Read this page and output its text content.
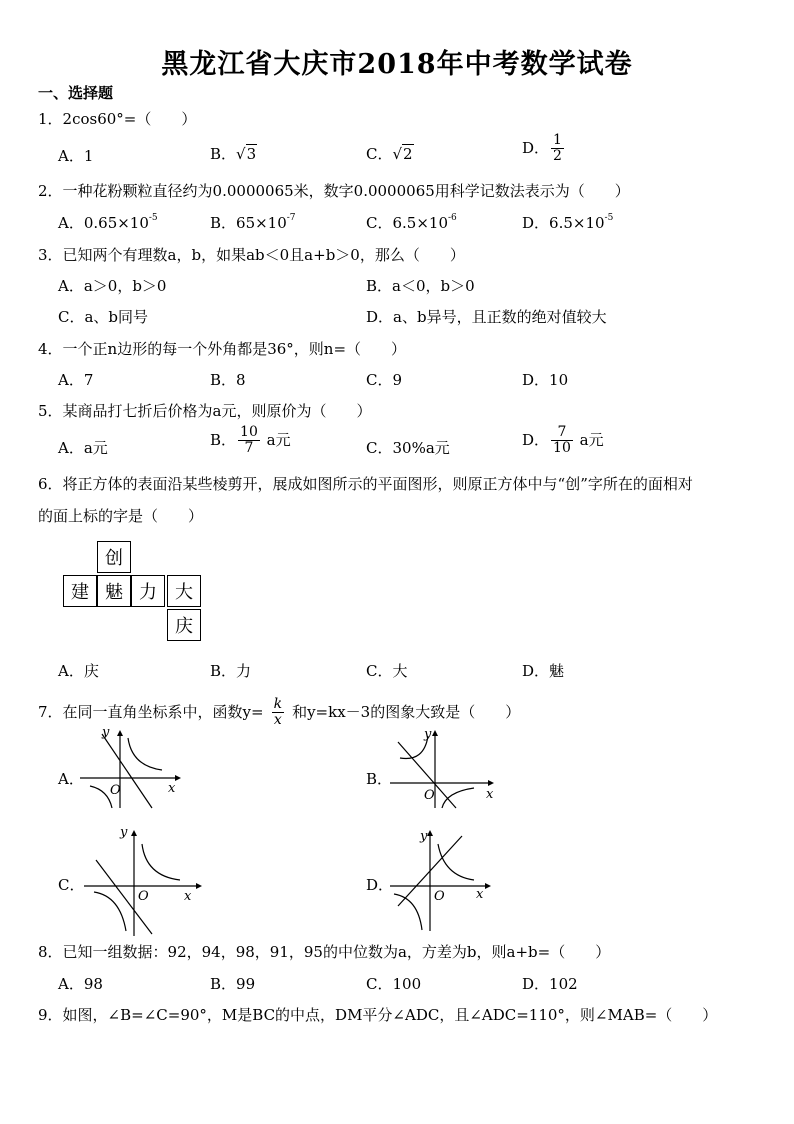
黑龙江省大庆市2018年中考数学试卷
一、选择题
1．2cos60°=（　　）
A．1	B．√3	C．√2	D． $\frac{1}{2}$
2．一种花粉颗粒直径约为0.0000065米，数字0.0000065用科学记数法表示为（　　）
A．$0.65\times 10^{-5}$	B．$65\times 10^{-7}$	C．$6.5\times 10^{-6}$	D．$6.5\times 10^{-5}$
3．已知两个有理数a，b，如果ab＜0且a+b＞0，那么（　　）
A．a＞0，b＞0	B．a＜0，b＞0
C．a、b同号	D．a、b异号，且正数的绝对值较大
4．一个正n边形的每一个外角都是36°，则n=（　　）
A．7	B．8	C．9	D．10
5．某商品打七折后价格为a元，则原价为（　　）
A．a元	B． $\frac{10}{7}$ a元	C．30%a元	D． $\frac{7}{10}$ a元
6．将正方体的表面沿某些棱剪开，展成如图所示的平面图形，则原正方体中与“创”字所在的面相对
的面上标的字是（　　）
创
建 魅 力	大
庆
A．庆	B．力	C．大	D．魅
7．在同一直角坐标系中，函数$y= \frac{k}{x}$ 和y=kx－3的图象大致是（　　）
A．	B．
C．	D．
y
x
O
y
x
O
y
x
O
y
x
O
8．已知一组数据：92，94，98，91，95的中位数为a，方差为b，则a+b=（　　）
A．98	B．99	C．100	D．102
9．如图，∠B=∠C=90°，M是BC的中点，DM平分∠ADC，且∠ADC=110°，则∠MAB=（　　）
